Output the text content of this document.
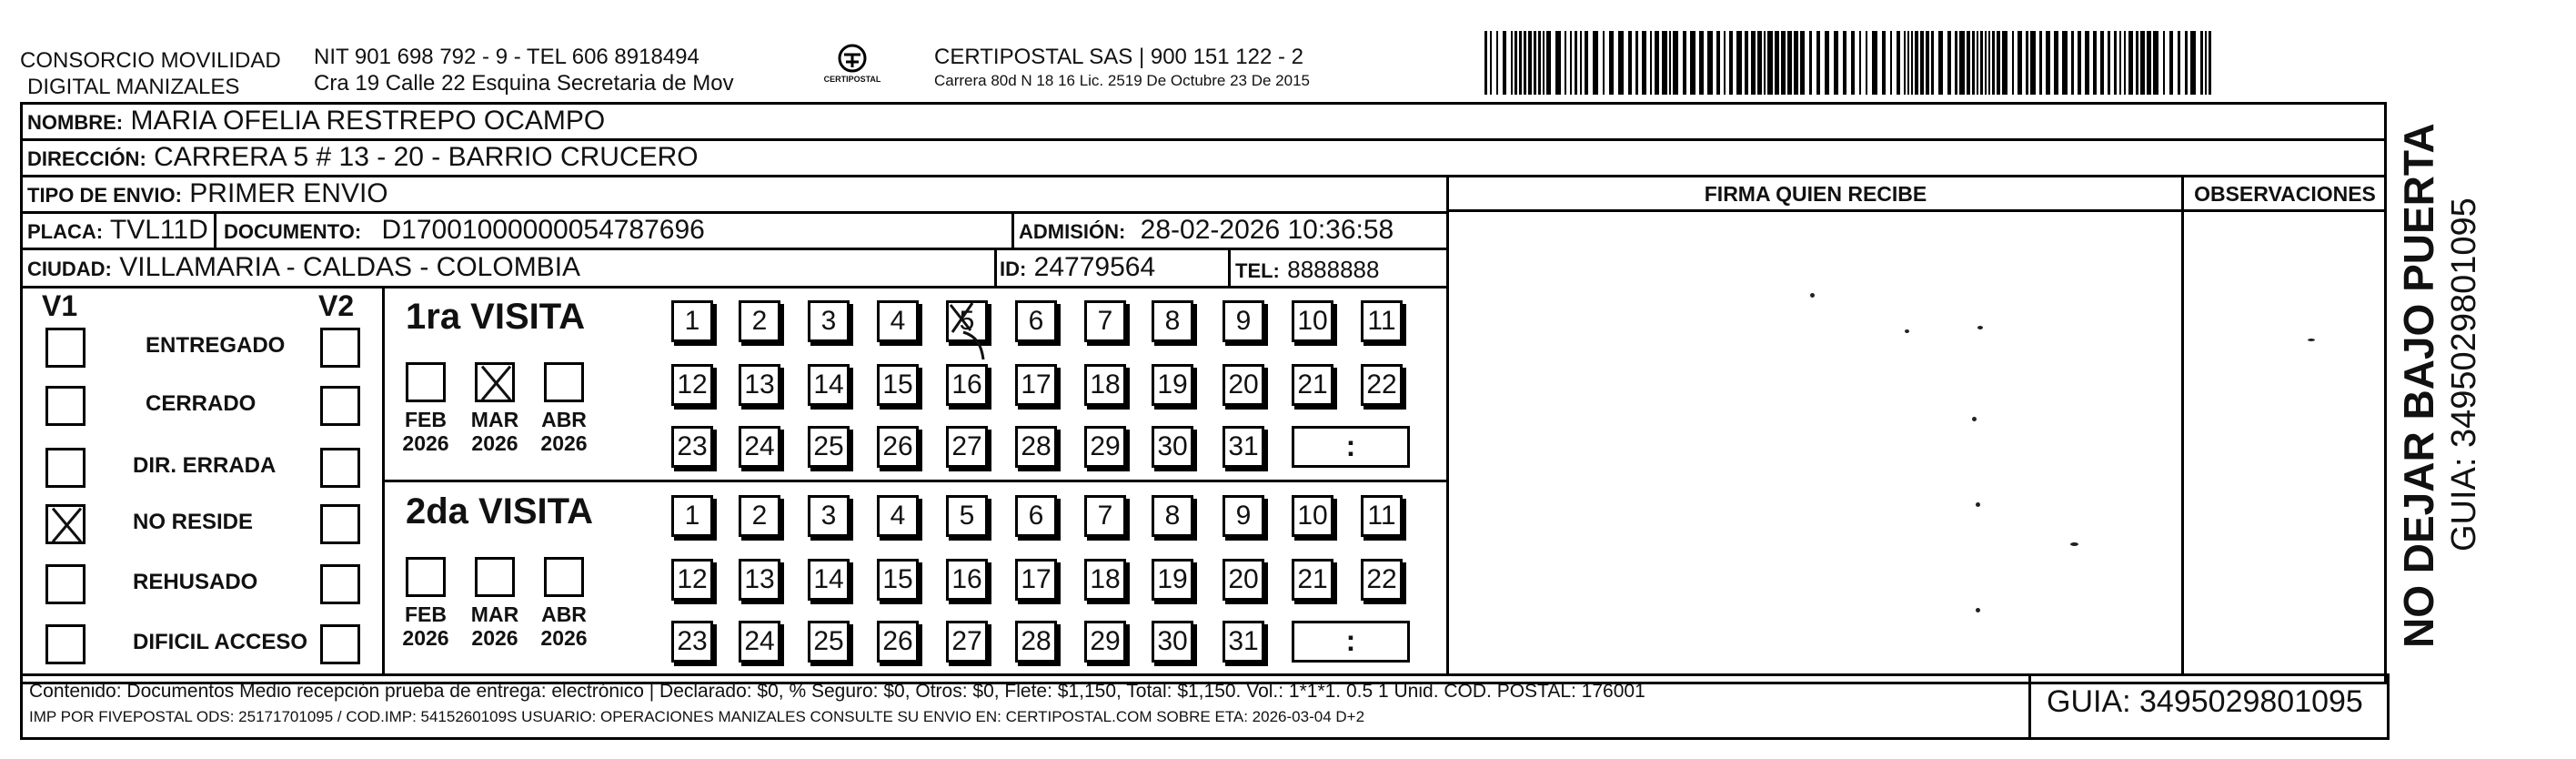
CONSORCIO MOVILIDAD
DIGITAL MANIZALES
NIT 901 698 792 - 9 - TEL 606 8918494
Cra 19 Calle 22 Esquina Secretaria de Mov	CERTIPOSTAL
CERTIPOSTAL SAS | 900 151 122 - 2
Carrera 80d N 18 16 Lic. 2519 De Octubre 23 De 2015
NOMBRE: MARIA OFELIA RESTREPO OCAMPO
DIRECCIÓN: CARRERA 5 # 13 - 20 - BARRIO CRUCERO
TIPO DE ENVIO: PRIMER ENVIO
PLACA: TVL11D DOCUMENTO: D17001000000054787696	ADMISIÓN: 28-02-2026 10:36:58
CIUDAD: VILLAMARIA - CALDAS - COLOMBIA	ID: 24779564	TEL: 8888888
FIRMA QUIEN RECIBE	OBSERVACIONES
V1	V2
ENTREGADO
CERRADO
DIR. ERRADA
NO RESIDE
REHUSADO
DIFICIL ACCESO
1ra VISITA
FEB
2026
MAR
2026
ABR
2026
1	2	3	4	5	6	7	8	9	10 11
12 13 14 15 16 17 18 19 20 21 22
23 24 25 26 27 28 29 30 31	:
2da VISITA
FEB
2026
MAR
2026
ABR
2026
1	2	3	4	5	6	7	8	9	10 11
12 13 14 15 16 17 18 19 20 21 22
23 24 25 26 27 28 29 30 31	:
Contenido: Documentos Medio recepción prueba de entrega: electrónico | Declarado: $0, % Seguro: $0, Otros: $0, Flete: $1,150, Total: $1,150. Vol.: 1*1*1. 0.5 1 Unid. COD. POSTAL: 176001
IMP POR FIVEPOSTAL ODS: 25171701095 / COD.IMP: 5415260109S USUARIO: OPERACIONES MANIZALES CONSULTE SU ENVIO EN: CERTIPOSTAL.COM SOBRE ETA: 2026-03-04 D+2	GUIA: 3495029801095
NO DEJAR BAJO PUERTA GUIA: 3495029801095
